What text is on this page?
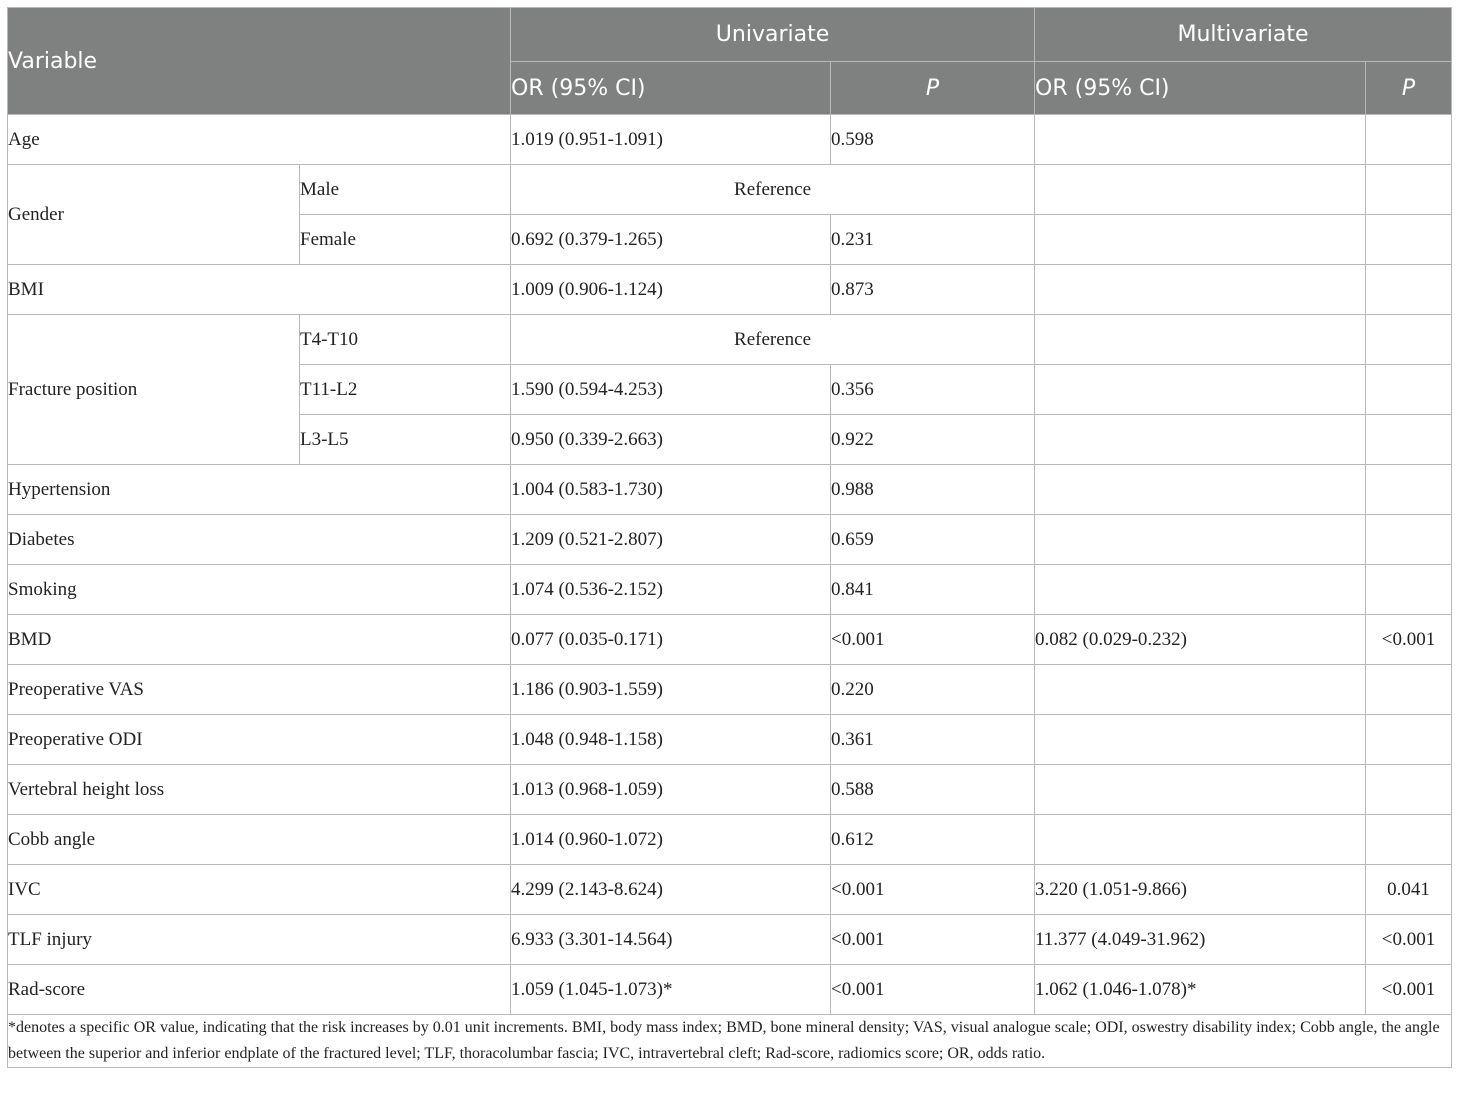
Variable		Univariate		Multivariate	
		OR (95% CI)	P	OR (95% CI)	P
Age		1.019 (0.951-1.091)	0.598		
Gender	Male	Reference			
	Female	0.692 (0.379-1.265)	0.231		
BMI		1.009 (0.906-1.124)	0.873		
Fracture position	T4-T10	Reference			
	T11-L2	1.590 (0.594-4.253)	0.356		
	L3-L5	0.950 (0.339-2.663)	0.922		
Hypertension		1.004 (0.583-1.730)	0.988		
Diabetes		1.209 (0.521-2.807)	0.659		
Smoking		1.074 (0.536-2.152)	0.841		
BMD		0.077 (0.035-0.171)	<0.001	0.082 (0.029-0.232)	<0.001
Preoperative VAS		1.186 (0.903-1.559)	0.220		
Preoperative ODI		1.048 (0.948-1.158)	0.361		
Vertebral height loss		1.013 (0.968-1.059)	0.588		
Cobb angle		1.014 (0.960-1.072)	0.612		
IVC		4.299 (2.143-8.624)	<0.001	3.220 (1.051-9.866)	0.041
TLF injury		6.933 (3.301-14.564)	<0.001	11.377 (4.049-31.962)	<0.001
Rad-score		1.059 (1.045-1.073)*	<0.001	1.062 (1.046-1.078)*	<0.001
*denotes a specific OR value, indicating that the risk increases by 0.01 unit increments. BMI, body mass index; BMD, bone mineral density; VAS, visual analogue scale; ODI, oswestry disability index; Cobb angle, the angle between the superior and inferior endplate of the fractured level; TLF, thoracolumbar fascia; IVC, intravertebral cleft; Rad-score, radiomics score; OR, odds ratio.					
